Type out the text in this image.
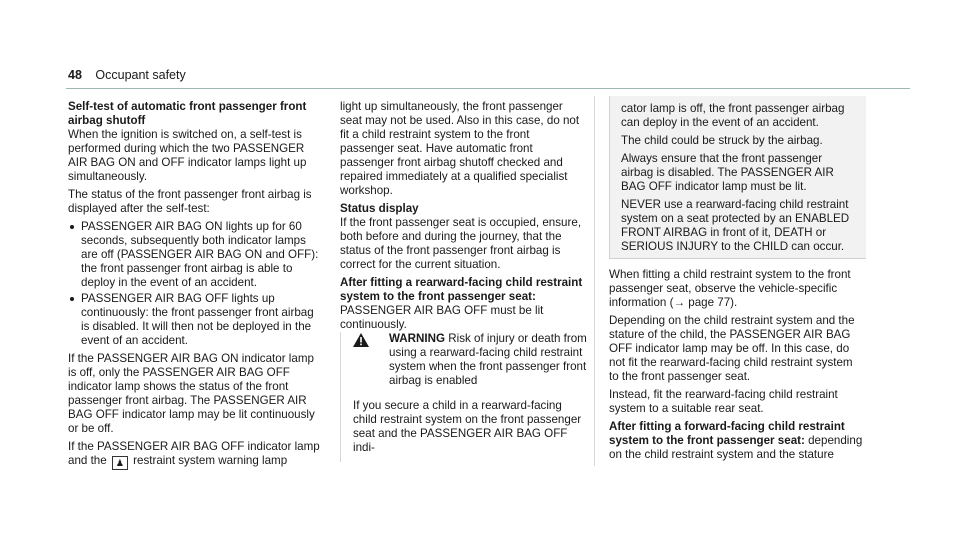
48 Occupant safety
Self-test of automatic front passenger front airbag shutoff

When the ignition is switched on, a self-test is performed during which the two PASSENGER AIR BAG ON and OFF indicator lamps light up simultaneously.

The status of the front passenger front airbag is displayed after the self-test:

PASSENGER AIR BAG ON lights up for 60 seconds, subsequently both indicator lamps are off (PASSENGER AIR BAG ON and OFF): the front passenger front airbag is able to deploy in the event of an accident.
PASSENGER AIR BAG OFF lights up continuously: the front passenger front airbag is disabled. It will then not be deployed in the event of an accident.

If the PASSENGER AIR BAG ON indicator lamp is off, only the PASSENGER AIR BAG OFF indicator lamp shows the status of the front passenger front airbag. The PASSENGER AIR BAG OFF indicator lamp may be lit continuously or be off.

If the PASSENGER AIR BAG OFF indicator lamp and the ♟ restraint system warning lamp

light up simultaneously, the front passenger seat may not be used. Also in this case, do not fit a child restraint system to the front passenger seat. Have automatic front passenger front airbag shutoff checked and repaired immediately at a qualified specialist workshop.

Status display

If the front passenger seat is occupied, ensure, both before and during the journey, that the status of the front passenger front airbag is correct for the current situation.

After fitting a rearward-facing child restraint system to the front passenger seat:

PASSENGER AIR BAG OFF must be lit continuously.

WARNING Risk of injury or death from using a rearward-facing child restraint system when the front passenger front airbag is enabled
If you secure a child in a rearward-facing child restraint system on the front passenger seat and the PASSENGER AIR BAG OFF indi-

cator lamp is off, the front passenger airbag can deploy in the event of an accident.

The child could be struck by the airbag.

Always ensure that the front passenger airbag is disabled. The PASSENGER AIR BAG OFF indicator lamp must be lit.

NEVER use a rearward-facing child restraint system on a seat protected by an ENABLED FRONT AIRBAG in front of it, DEATH or SERIOUS INJURY to the CHILD can occur.

When fitting a child restraint system to the front passenger seat, observe the vehicle-specific information (→ page 77).

Depending on the child restraint system and the stature of the child, the PASSENGER AIR BAG OFF indicator lamp may be off. In this case, do not fit the rearward-facing child restraint system to the front passenger seat.

Instead, fit the rearward-facing child restraint system to a suitable rear seat.

After fitting a forward-facing child restraint system to the front passenger seat: depending on the child restraint system and the stature
